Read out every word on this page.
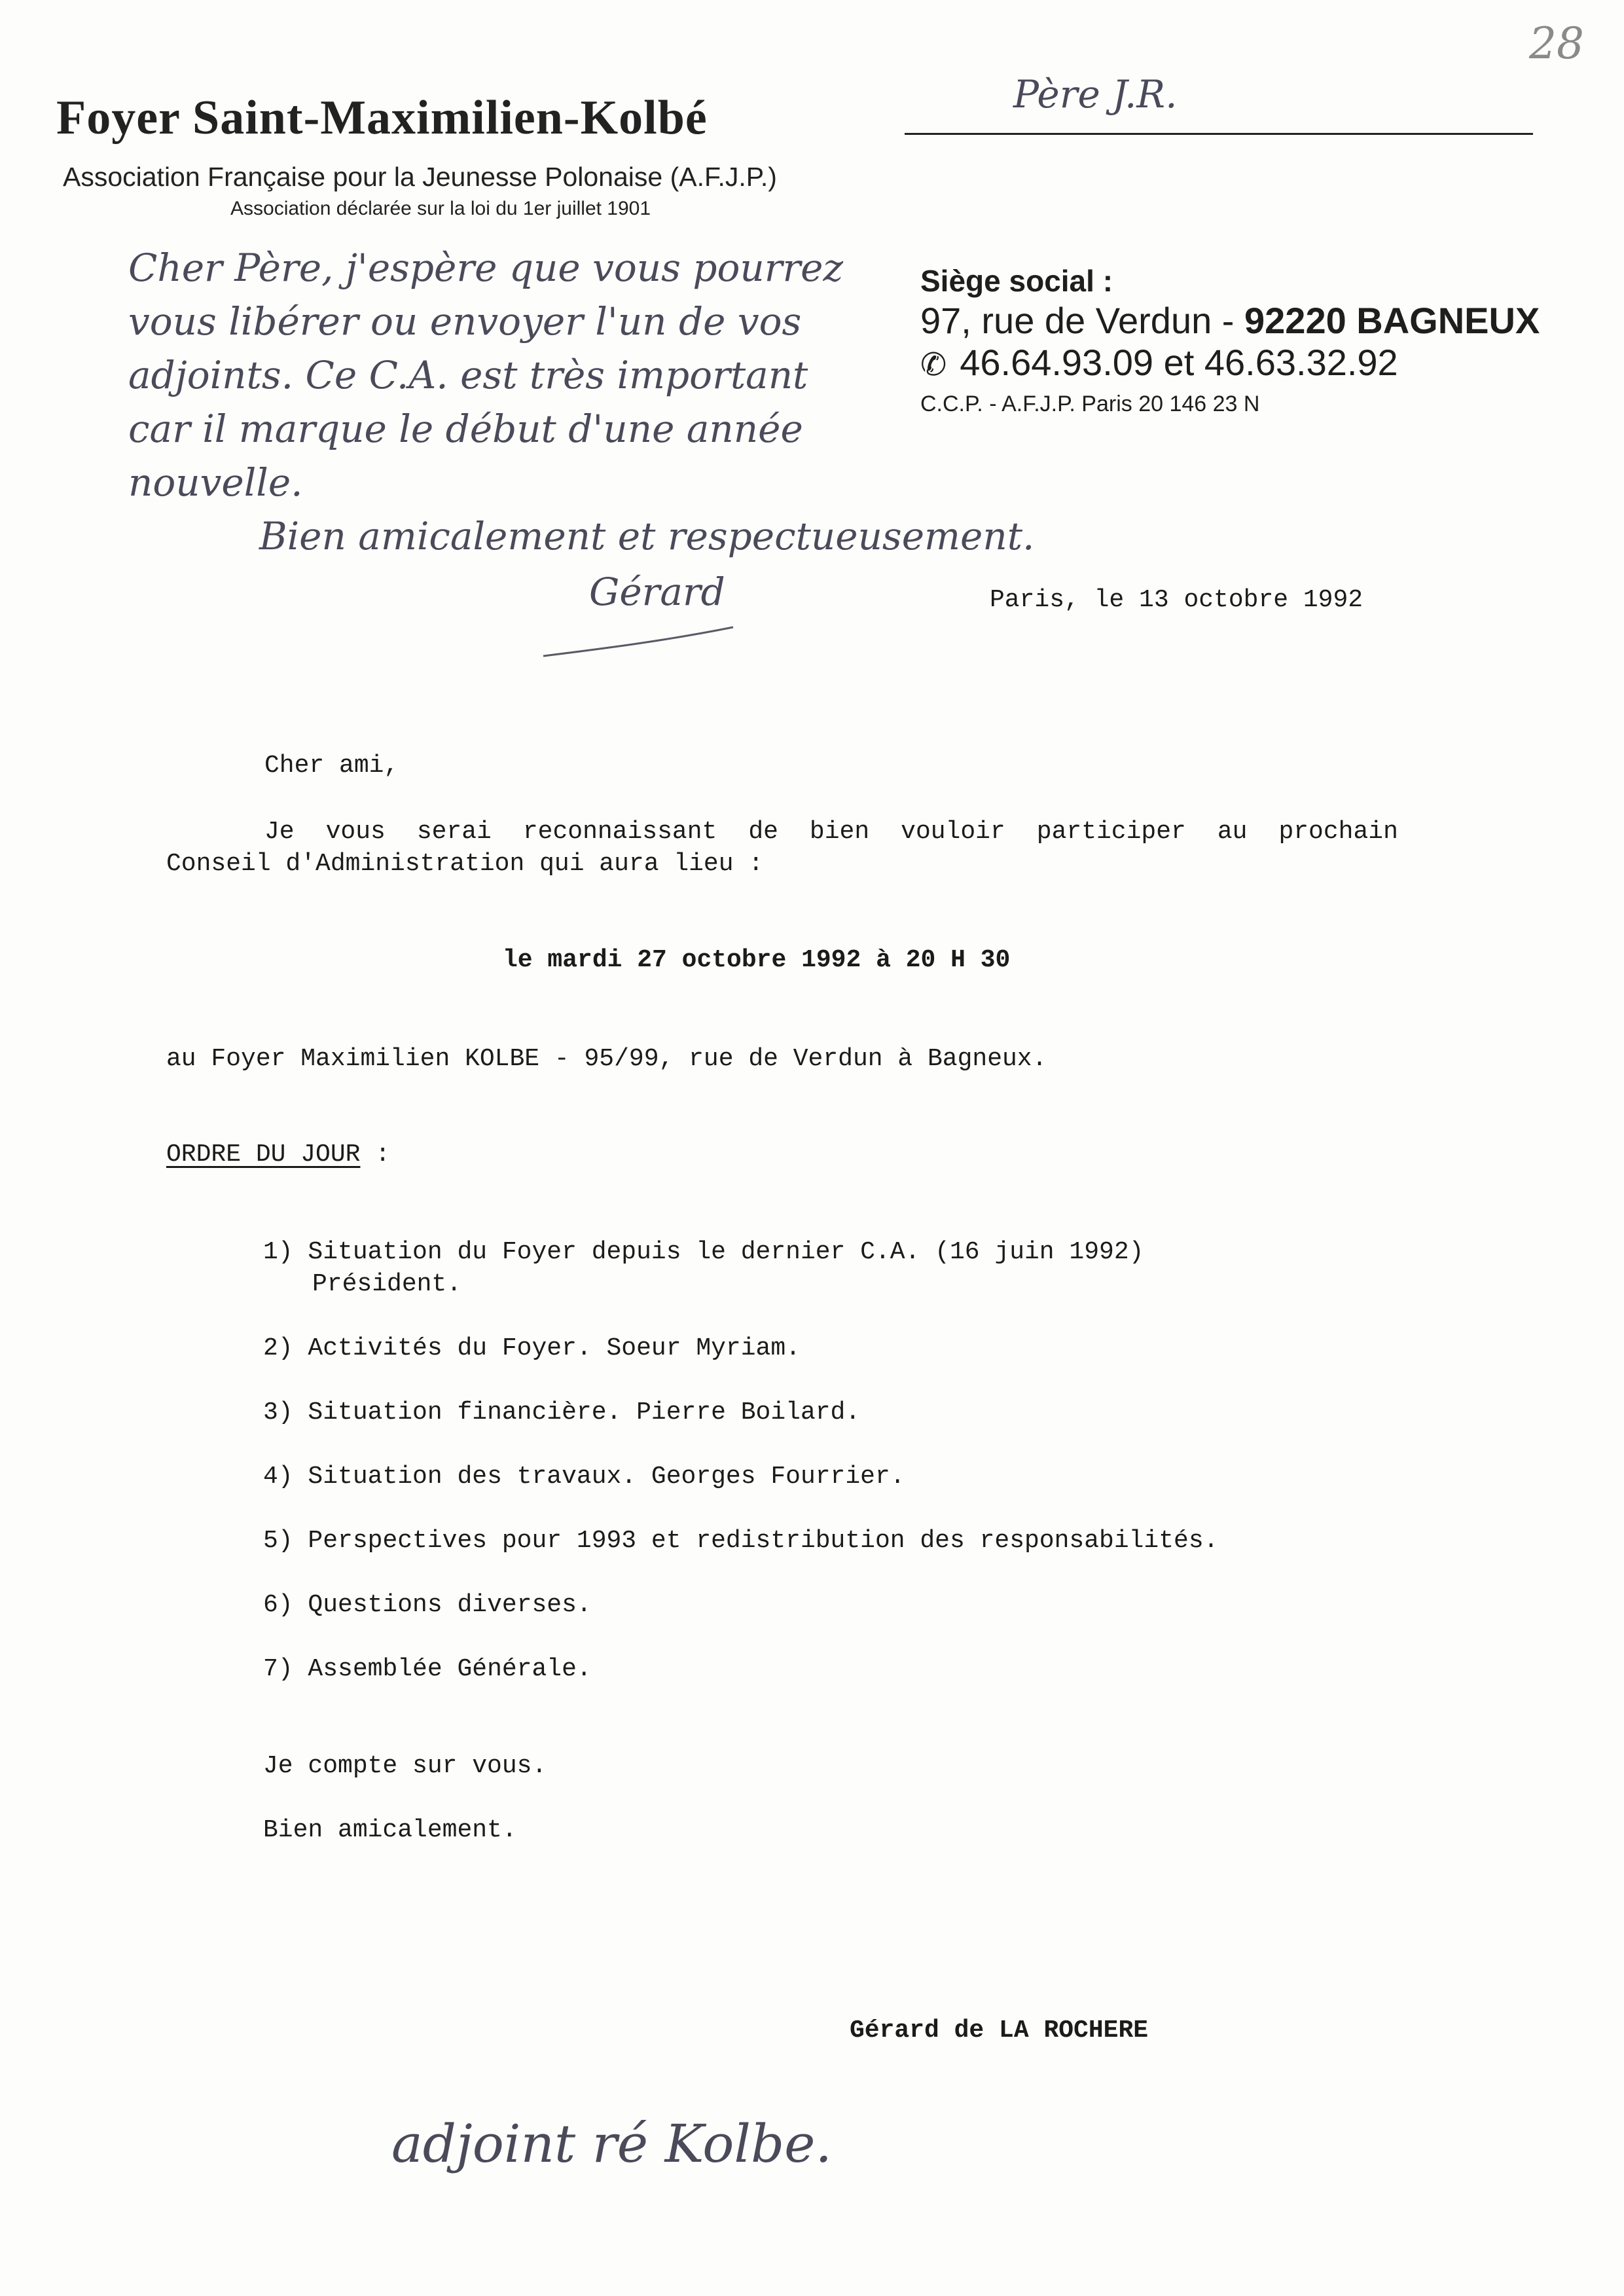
28
Foyer Saint-Maximilien-Kolbé
Association Française pour la Jeunesse Polonaise (A.F.J.P.)
Association déclarée sur la loi du 1er juillet 1901
Père J.R.
Siège social :
97, rue de Verdun - 92220 BAGNEUX
✆ 46.64.93.09 et 46.63.32.92
C.C.P. - A.F.J.P. Paris 20 146 23 N
Cher Père, j'espère que vous pourrez
vous libérer ou envoyer l'un de vos
adjoints. Ce C.A. est très important
car il marque le début d'une année
nouvelle.
Bien amicalement et respectueusement.
Gérard	Paris, le 13 octobre 1992
Cher ami,
Je vous serai reconnaissant de bien vouloir participer au prochain
Conseil d'Administration qui aura lieu :
le mardi 27 octobre 1992 à 20 H 30
au Foyer Maximilien KOLBE - 95/99, rue de Verdun à Bagneux.
ORDRE DU JOUR :
1) Situation du Foyer depuis le dernier C.A. (16 juin 1992)
Président.
2) Activités du Foyer. Soeur Myriam.
3) Situation financière. Pierre Boilard.
4) Situation des travaux. Georges Fourrier.
5) Perspectives pour 1993 et redistribution des responsabilités.
6) Questions diverses.
7) Assemblée Générale.
Je compte sur vous.
Bien amicalement.
Gérard de LA ROCHERE
adjoint ré Kolbe.
